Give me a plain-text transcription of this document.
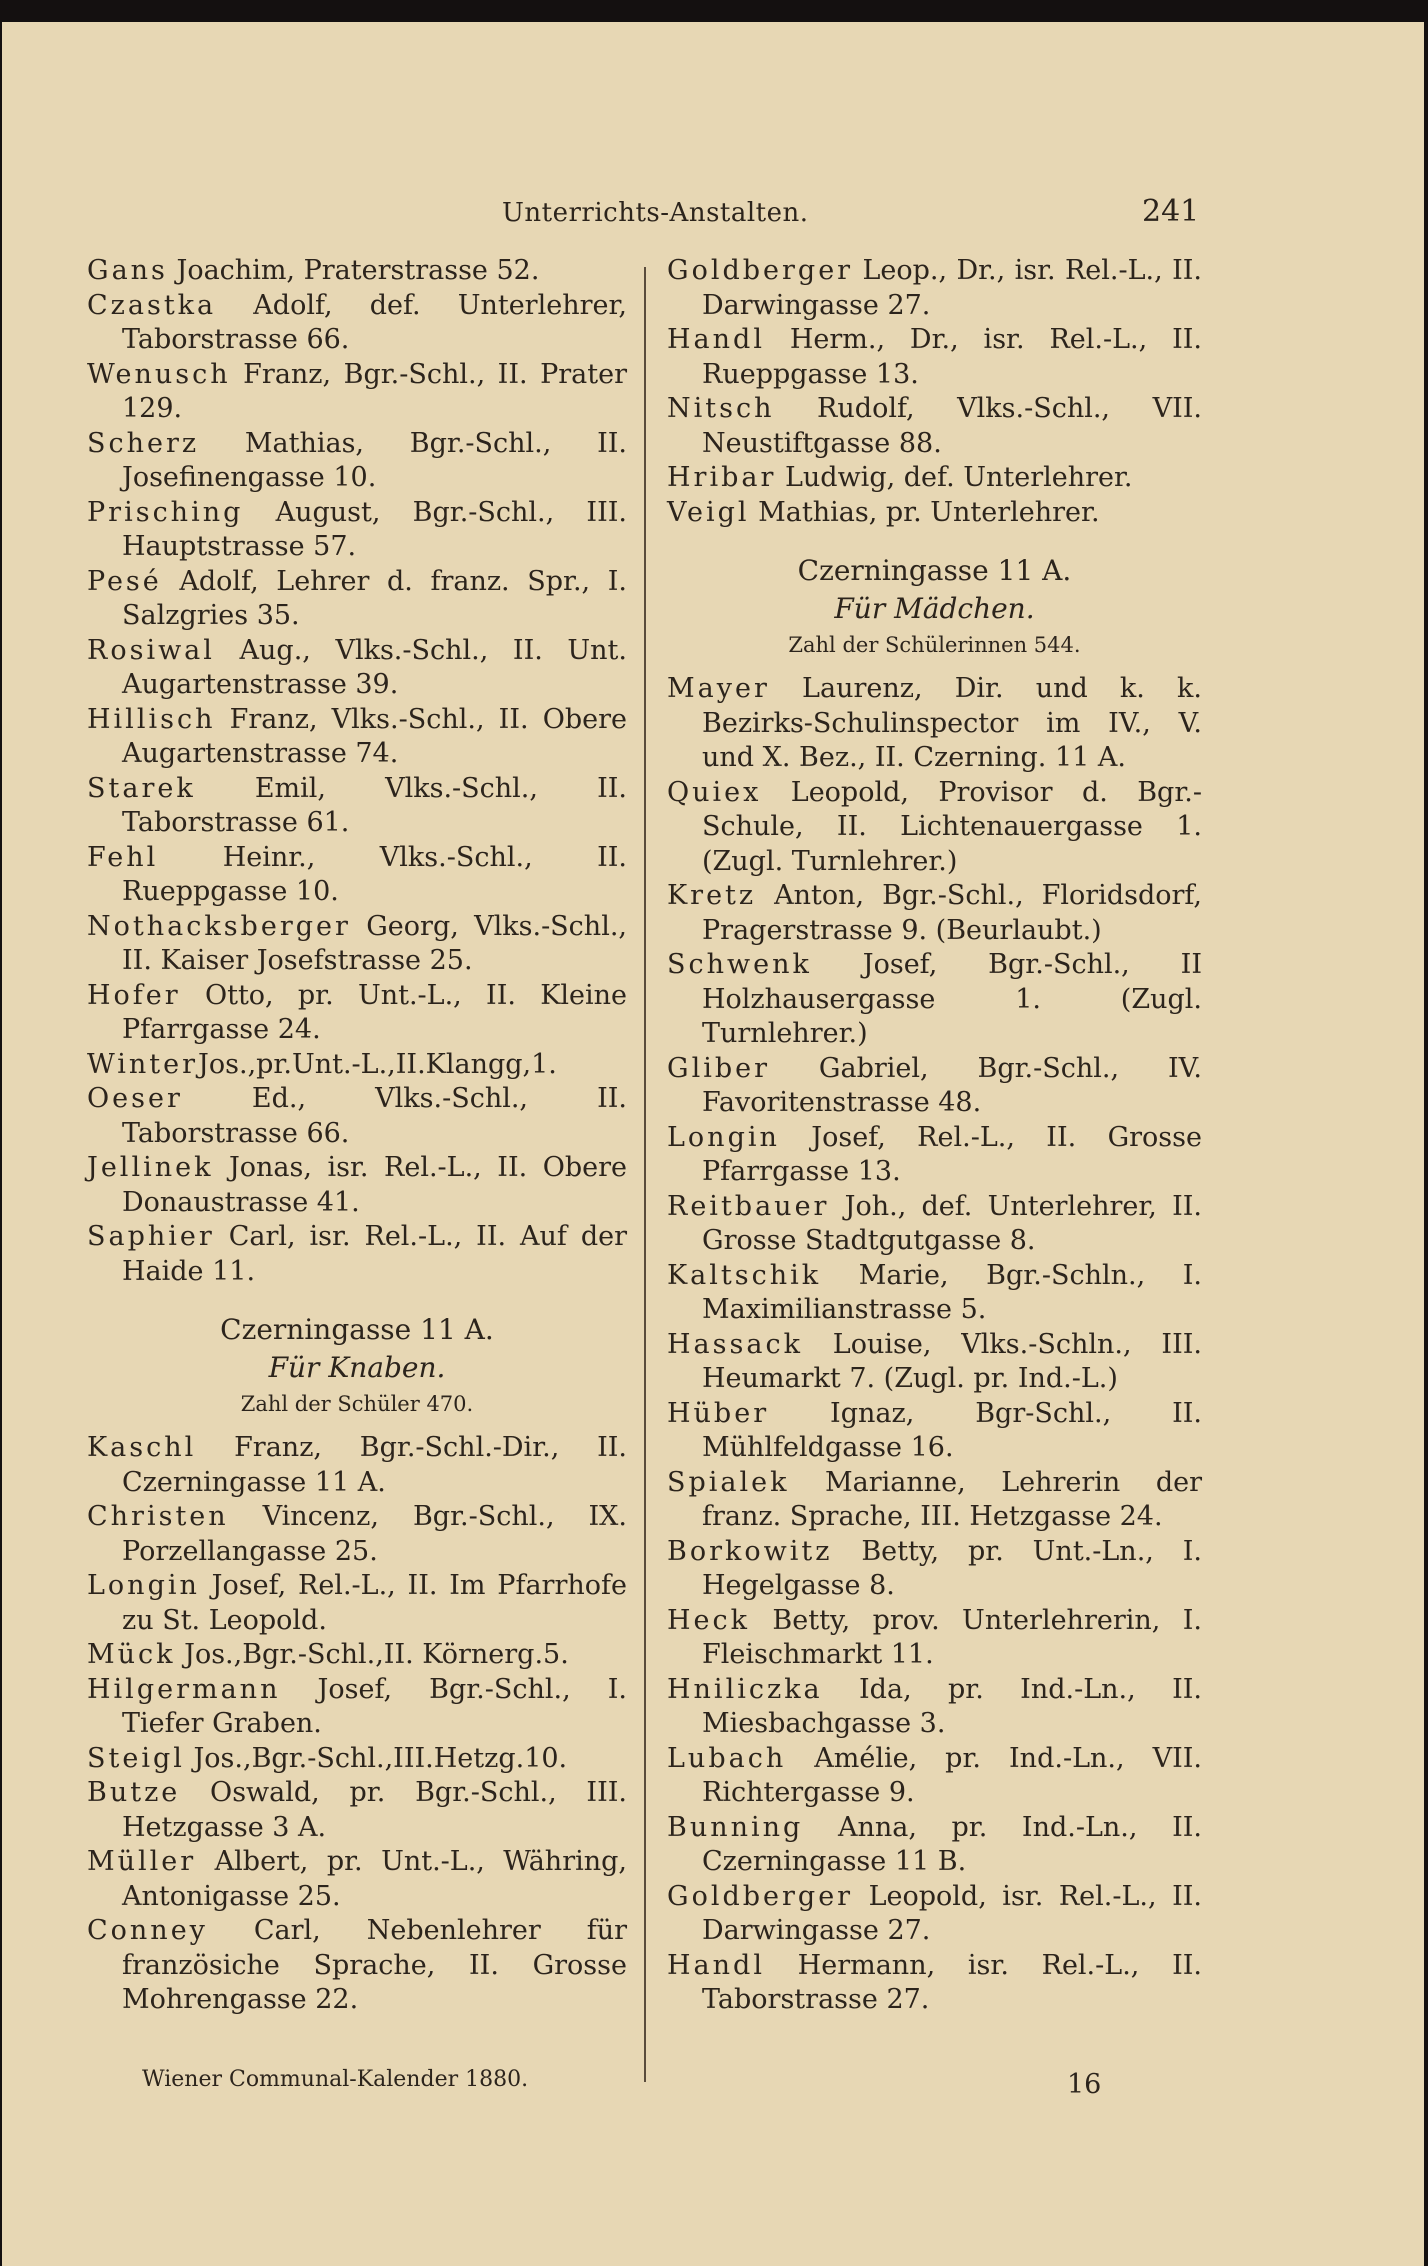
Unterrichts-Anstalten.	241
Gans Joachim, Praterstrasse 52.
Czastka Adolf, def. Unterlehrer, Taborstrasse 66.
Wenusch Franz, Bgr.-Schl., II. Prater 129.
Scherz Mathias, Bgr.-Schl., II. Josefinengasse 10.
Prisching August, Bgr.-Schl., III. Hauptstrasse 57.
Pesé Adolf, Lehrer d. franz. Spr., I. Salzgries 35.
Rosiwal Aug., Vlks.-Schl., II. Unt. Augartenstrasse 39.
Hillisch Franz, Vlks.-Schl., II. Obere Augartenstrasse 74.
Starek Emil, Vlks.-Schl., II. Taborstrasse 61.
Fehl Heinr., Vlks.-Schl., II. Rueppgasse 10.
Nothacksberger Georg, Vlks.-Schl., II. Kaiser Josefstrasse 25.
Hofer Otto, pr. Unt.-L., II. Kleine Pfarrgasse 24.
WinterJos.,pr.Unt.-L.,II.Klangg,1.
Oeser Ed., Vlks.-Schl., II. Taborstrasse 66.
Jellinek Jonas, isr. Rel.-L., II. Obere Donaustrasse 41.
Saphier Carl, isr. Rel.-L., II. Auf der Haide 11.
Czerningasse 11 A.
Für Knaben.
Zahl der Schüler 470.
Kaschl Franz, Bgr.-Schl.-Dir., II. Czerningasse 11 A.
Christen Vincenz, Bgr.-Schl., IX. Porzellangasse 25.
Longin Josef, Rel.-L., II. Im Pfarrhofe zu St. Leopold.
Mück Jos.,Bgr.-Schl.,II. Körnerg.5.
Hilgermann Josef, Bgr.-Schl., I. Tiefer Graben.
Steigl Jos.,Bgr.-Schl.,III.Hetzg.10.
Butze Oswald, pr. Bgr.-Schl., III. Hetzgasse 3 A.
Müller Albert, pr. Unt.-L., Währing, Antonigasse 25.
Conney Carl, Nebenlehrer für französiche Sprache, II. Grosse Mohrengasse 22.
Goldberger Leop., Dr., isr. Rel.-L., II. Darwingasse 27.
Handl Herm., Dr., isr. Rel.-L., II. Rueppgasse 13.
Nitsch Rudolf, Vlks.-Schl., VII. Neustiftgasse 88.
Hribar Ludwig, def. Unterlehrer.
Veigl Mathias, pr. Unterlehrer.
Czerningasse 11 A.
Für Mädchen.
Zahl der Schülerinnen 544.
Mayer Laurenz, Dir. und k. k. Bezirks-Schulinspector im IV., V. und X. Bez., II. Czerning. 11 A.
Quiex Leopold, Provisor d. Bgr.-Schule, II. Lichtenauergasse 1. (Zugl. Turnlehrer.)
Kretz Anton, Bgr.-Schl., Floridsdorf, Pragerstrasse 9. (Beurlaubt.)
Schwenk Josef, Bgr.-Schl., II Holzhausergasse 1. (Zugl. Turnlehrer.)
Gliber Gabriel, Bgr.-Schl., IV. Favoritenstrasse 48.
Longin Josef, Rel.-L., II. Grosse Pfarrgasse 13.
Reitbauer Joh., def. Unterlehrer, II. Grosse Stadtgutgasse 8.
Kaltschik Marie, Bgr.-Schln., I. Maximilianstrasse 5.
Hassack Louise, Vlks.-Schln., III. Heumarkt 7. (Zugl. pr. Ind.-L.)
Hüber Ignaz, Bgr-Schl., II. Mühlfeldgasse 16.
Spialek Marianne, Lehrerin der franz. Sprache, III. Hetzgasse 24.
Borkowitz Betty, pr. Unt.-Ln., I. Hegelgasse 8.
Heck Betty, prov. Unterlehrerin, I. Fleischmarkt 11.
Hniliczka Ida, pr. Ind.-Ln., II. Miesbachgasse 3.
Lubach Amélie, pr. Ind.-Ln., VII. Richtergasse 9.
Bunning Anna, pr. Ind.-Ln., II. Czerningasse 11 B.
Goldberger Leopold, isr. Rel.-L., II. Darwingasse 27.
Handl Hermann, isr. Rel.-L., II. Taborstrasse 27.
Wiener Communal-Kalender 1880.	16
